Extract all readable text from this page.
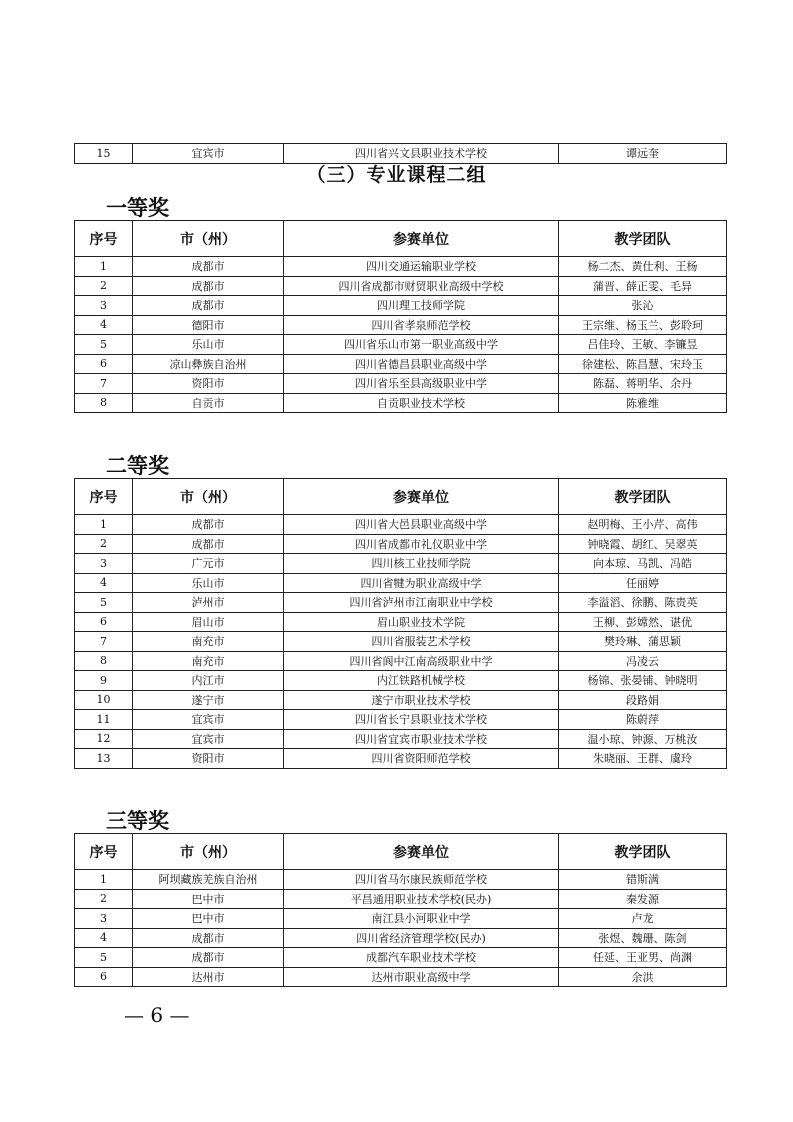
15	宜宾市	四川省兴文县职业技术学校	谭远奎
（三）专业课程二组
一等奖
序号	市（州）	参赛单位	教学团队
1	成都市	四川交通运输职业学校	杨二杰、黄仕利、王杨
2	成都市	四川省成都市财贸职业高级中学校	蒲晋、薛正雯、毛异
3	成都市	四川理工技师学院	张沁
4	德阳市	四川省孝泉师范学校	王宗维、杨玉兰、彭聆珂
5	乐山市	四川省乐山市第一职业高级中学	吕佳玲、王敏、李镰昱
6	凉山彝族自治州	四川省德昌县职业高级中学	徐建松、陈昌慧、宋玲玉
7	资阳市	四川省乐至县高级职业中学	陈磊、蒋明华、余丹
8	自贡市	自贡职业技术学校	陈雅维
二等奖
序号	市（州）	参赛单位	教学团队
1	成都市	四川省大邑县职业高级中学	赵明梅、王小芹、高伟
2	成都市	四川省成都市礼仪职业中学	钟晓霞、胡红、吴翠英
3	广元市	四川核工业技师学院	向本琼、马凯、冯皓
4	乐山市	四川省犍为职业高级中学	任丽婷
5	泸州市	四川省泸州市江南职业中学校	李溢滔、徐鹏、陈贵英
6	眉山市	眉山职业技术学院	王柳、彭嫦然、谌优
7	南充市	四川省服装艺术学校	樊玲琳、蒲思颖
8	南充市	四川省阆中江南高级职业中学	冯凌云
9	内江市	内江铁路机械学校	杨锦、张晏铺、钟晓明
10	遂宁市	遂宁市职业技术学校	段路娟
11	宜宾市	四川省长宁县职业技术学校	陈蔚萍
12	宜宾市	四川省宜宾市职业技术学校	温小琼、钟源、万桃汝
13	资阳市	四川省资阳师范学校	朱晓丽、王群、虞玲
三等奖
序号	市（州）	参赛单位	教学团队
1	阿坝藏族羌族自治州	四川省马尔康民族师范学校	错斯满
2	巴中市	平昌通用职业技术学校(民办)	秦发源
3	巴中市	南江县小河职业中学	卢龙
4	成都市	四川省经济管理学校(民办)	张煜、魏珊、陈剑
5	成都市	成都汽车职业技术学校	任延、王亚男、尚渊
6	达州市	达州市职业高级中学	余洪
— 6 —
